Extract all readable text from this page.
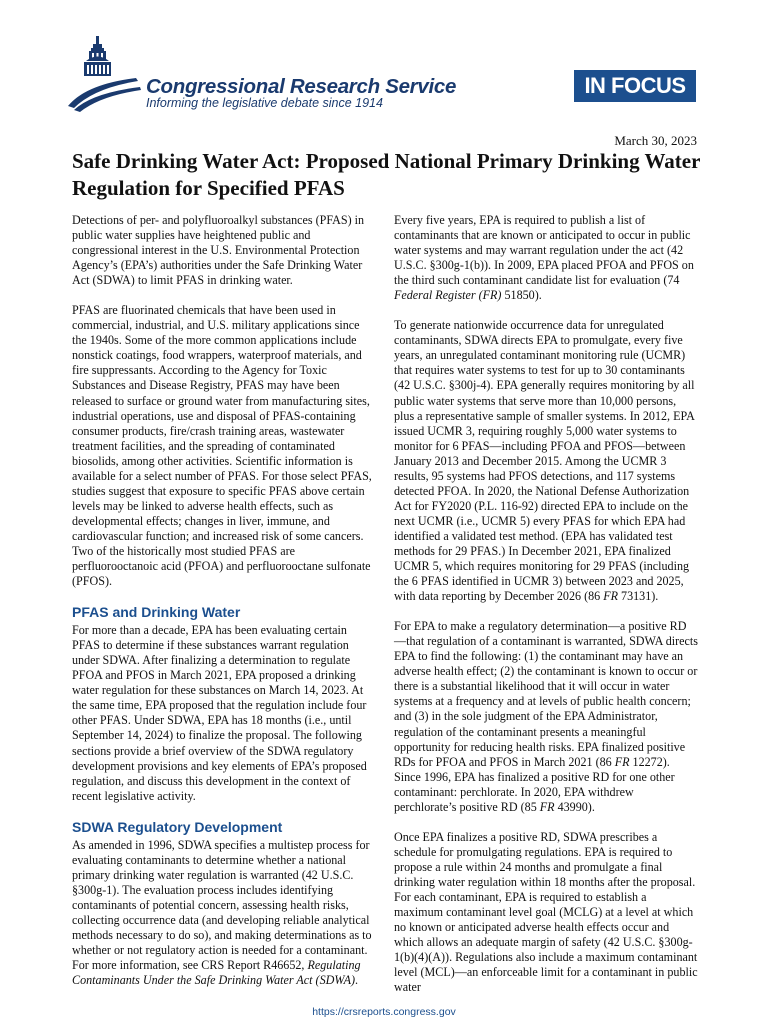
Congressional Research Service
Informing the legislative debate since 1914
IN FOCUS
March 30, 2023
Safe Drinking Water Act: Proposed National Primary Drinking Water Regulation for Specified PFAS

Detections of per- and polyfluoroalkyl substances (PFAS) in public water supplies have heightened public and congressional interest in the U.S. Environmental Protection Agency’s (EPA’s) authorities under the Safe Drinking Water Act (SDWA) to limit PFAS in drinking water.

PFAS are fluorinated chemicals that have been used in commercial, industrial, and U.S. military applications since the 1940s. Some of the more common applications include nonstick coatings, food wrappers, waterproof materials, and fire suppressants. According to the Agency for Toxic Substances and Disease Registry, PFAS may have been released to surface or ground water from manufacturing sites, industrial operations, use and disposal of PFAS-containing consumer products, fire/crash training areas, wastewater treatment facilities, and the spreading of contaminated biosolids, among other activities. Scientific information is available for a select number of PFAS. For those select PFAS, studies suggest that exposure to specific PFAS above certain levels may be linked to adverse health effects, such as developmental effects; changes in liver, immune, and cardiovascular function; and increased risk of some cancers. Two of the historically most studied PFAS are perfluorooctanoic acid (PFOA) and perfluorooctane sulfonate (PFOS).

PFAS and Drinking Water

For more than a decade, EPA has been evaluating certain PFAS to determine if these substances warrant regulation under SDWA. After finalizing a determination to regulate PFOA and PFOS in March 2021, EPA proposed a drinking water regulation for these substances on March 14, 2023. At the same time, EPA proposed that the regulation include four other PFAS. Under SDWA, EPA has 18 months (i.e., until September 14, 2024) to finalize the proposal. The following sections provide a brief overview of the SDWA regulatory development provisions and key elements of EPA’s proposed regulation, and discuss this development in the context of recent legislative activity.

SDWA Regulatory Development

As amended in 1996, SDWA specifies a multistep process for evaluating contaminants to determine whether a national primary drinking water regulation is warranted (42 U.S.C. §300g-1). The evaluation process includes identifying contaminants of potential concern, assessing health risks, collecting occurrence data (and developing reliable analytical methods necessary to do so), and making determinations as to whether or not regulatory action is needed for a contaminant. For more information, see CRS Report R46652, Regulating Contaminants Under the Safe Drinking Water Act (SDWA).

Every five years, EPA is required to publish a list of contaminants that are known or anticipated to occur in public water systems and may warrant regulation under the act (42 U.S.C. §300g-1(b)). In 2009, EPA placed PFOA and PFOS on the third such contaminant candidate list for evaluation (74 Federal Register (FR) 51850).

To generate nationwide occurrence data for unregulated contaminants, SDWA directs EPA to promulgate, every five years, an unregulated contaminant monitoring rule (UCMR) that requires water systems to test for up to 30 contaminants (42 U.S.C. §300j-4). EPA generally requires monitoring by all public water systems that serve more than 10,000 persons, plus a representative sample of smaller systems. In 2012, EPA issued UCMR 3, requiring roughly 5,000 water systems to monitor for 6 PFAS—including PFOA and PFOS—between January 2013 and December 2015. Among the UCMR 3 results, 95 systems had PFOS detections, and 117 systems detected PFOA. In 2020, the National Defense Authorization Act for FY2020 (P.L. 116-92) directed EPA to include on the next UCMR (i.e., UCMR 5) every PFAS for which EPA had identified a validated test method. (EPA has validated test methods for 29 PFAS.) In December 2021, EPA finalized UCMR 5, which requires monitoring for 29 PFAS (including the 6 PFAS identified in UCMR 3) between 2023 and 2025, with data reporting by December 2026 (86 FR 73131).

For EPA to make a regulatory determination—a positive RD—that regulation of a contaminant is warranted, SDWA directs EPA to find the following: (1) the contaminant may have an adverse health effect; (2) the contaminant is known to occur or there is a substantial likelihood that it will occur in water systems at a frequency and at levels of public health concern; and (3) in the sole judgment of the EPA Administrator, regulation of the contaminant presents a meaningful opportunity for reducing health risks. EPA finalized positive RDs for PFOA and PFOS in March 2021 (86 FR 12272). Since 1996, EPA has finalized a positive RD for one other contaminant: perchlorate. In 2020, EPA withdrew perchlorate’s positive RD (85 FR 43990).

Once EPA finalizes a positive RD, SDWA prescribes a schedule for promulgating regulations. EPA is required to propose a rule within 24 months and promulgate a final drinking water regulation within 18 months after the proposal. For each contaminant, EPA is required to establish a maximum contaminant level goal (MCLG) at a level at which no known or anticipated adverse health effects occur and which allows an adequate margin of safety (42 U.S.C. §300g-1(b)(4)(A)). Regulations also include a maximum contaminant level (MCL)—an enforceable limit for a contaminant in public water

https://crsreports.congress.gov
